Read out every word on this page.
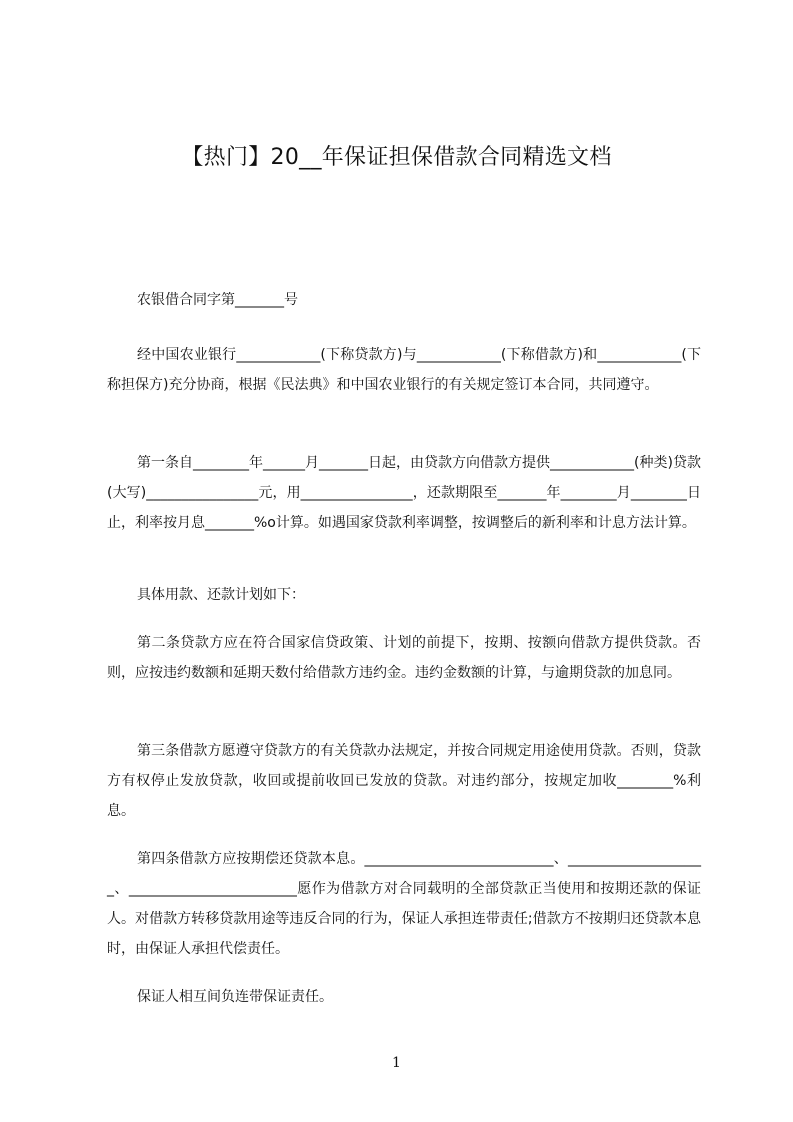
【热门】20__年保证担保借款合同精选文档

农银借合同字第_______号

经中国农业银行____________(下称贷款方)与____________(下称借款方)和____________(下称担保方)充分协商，根据《民法典》和中国农业银行的有关规定签订本合同，共同遵守。

第一条自________年______月_______日起，由贷款方向借款方提供____________(种类)贷款(大写)________________元，用________________，还款期限至_______年________月________日止，利率按月息_______%o计算。如遇国家贷款利率调整，按调整后的新利率和计息方法计算。

具体用款、还款计划如下：

第二条贷款方应在符合国家信贷政策、计划的前提下，按期、按额向借款方提供贷款。否则，应按违约数额和延期天数付给借款方违约金。违约金数额的计算，与逾期贷款的加息同。

第三条借款方愿遵守贷款方的有关贷款办法规定，并按合同规定用途使用贷款。否则，贷款方有权停止发放贷款，收回或提前收回已发放的贷款。对违约部分，按规定加收________%利息。

第四条借款方应按期偿还贷款本息。___________________________、____________________、________________________愿作为借款方对合同载明的全部贷款正当使用和按期还款的保证人。对借款方转移贷款用途等违反合同的行为，保证人承担连带责任;借款方不按期归还贷款本息时，由保证人承担代偿责任。

保证人相互间负连带保证责任。

1
